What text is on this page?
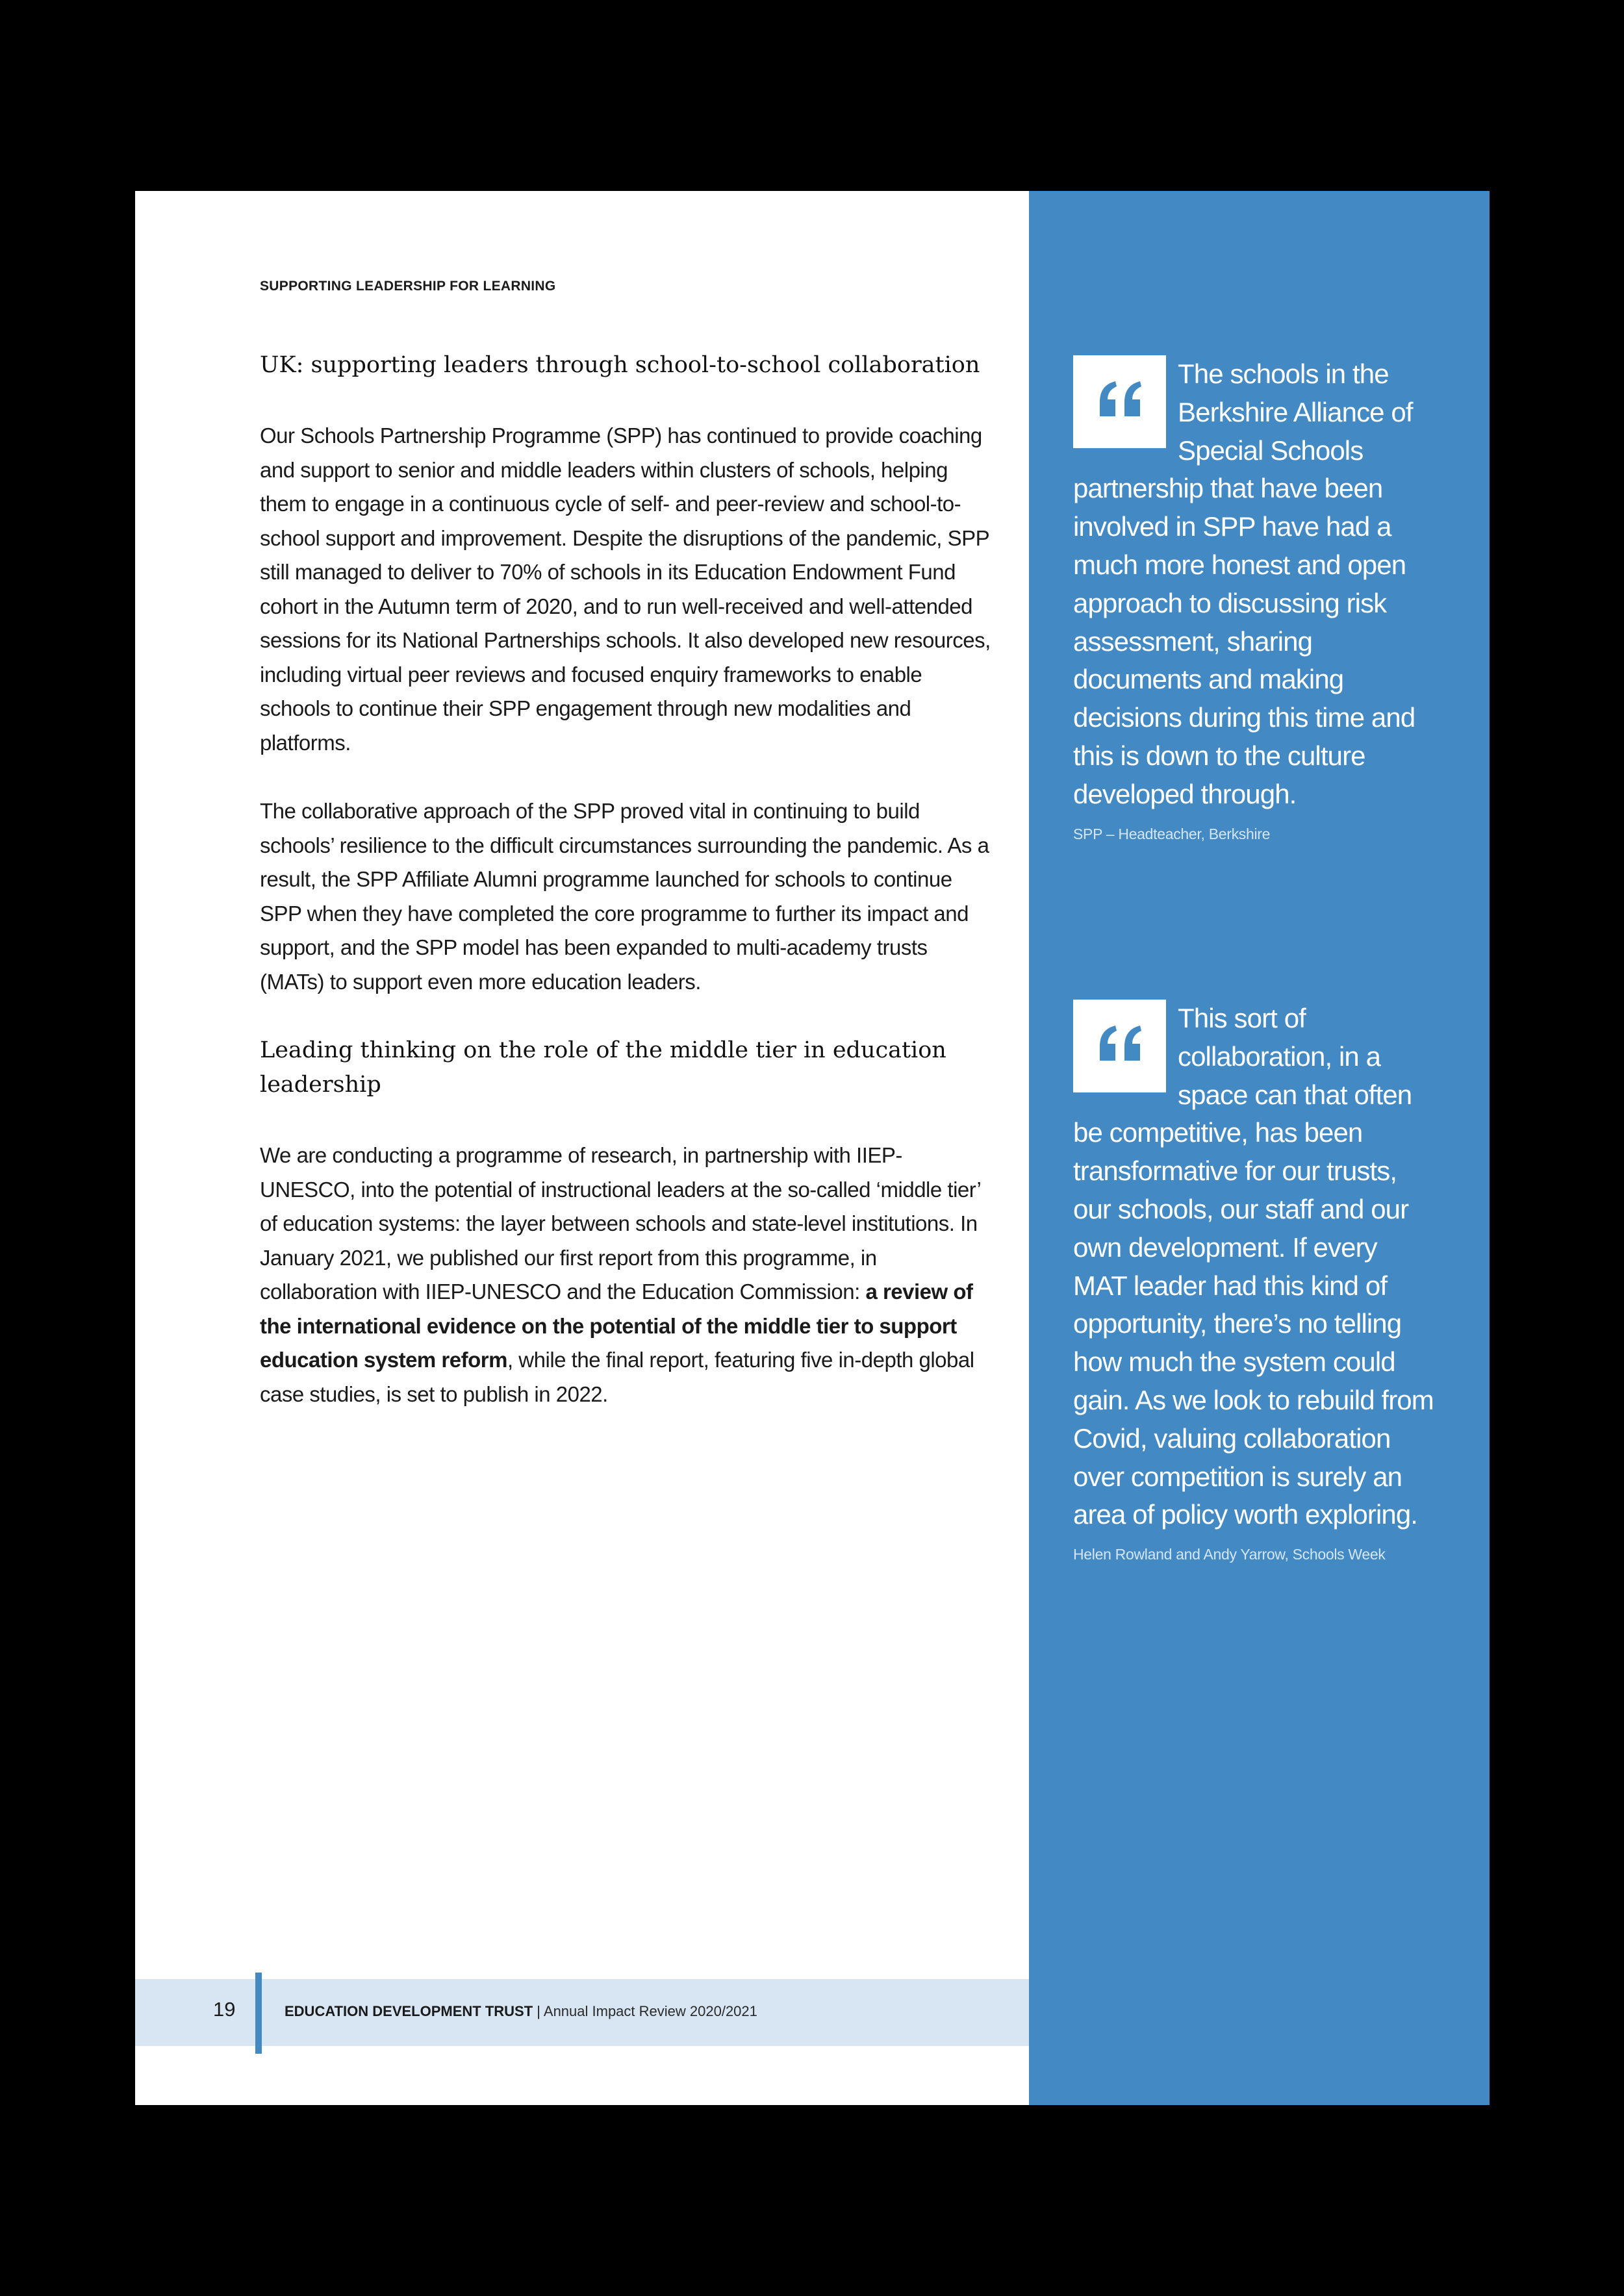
SUPPORTING LEADERSHIP FOR LEARNING
UK: supporting leaders through school-to-school collaboration

Our Schools Partnership Programme (SPP) has continued to provide coaching and support to senior and middle leaders within clusters of schools, helping them to engage in a continuous cycle of self- and peer-review and school-to-school support and improvement. Despite the disruptions of the pandemic, SPP still managed to deliver to 70% of schools in its Education Endowment Fund cohort in the Autumn term of 2020, and to run well-received and well-attended sessions for its National Partnerships schools. It also developed new resources, including virtual peer reviews and focused enquiry frameworks to enable schools to continue their SPP engagement through new modalities and platforms.

The collaborative approach of the SPP proved vital in continuing to build schools’ resilience to the difficult circumstances surrounding the pandemic. As a result, the SPP Affiliate Alumni programme launched for schools to continue SPP when they have completed the core programme to further its impact and support, and the SPP model has been expanded to multi-academy trusts (MATs) to support even more education leaders.

Leading thinking on the role of the middle tier in education leadership

We are conducting a programme of research, in partnership with IIEP-UNESCO, into the potential of instructional leaders at the so-called ‘middle tier’ of education systems: the layer between schools and state-level institutions. In January 2021, we published our first report from this programme, in collaboration with IIEP-UNESCO and the Education Commission: a review of the international evidence on the potential of the middle tier to support education system reform, while the final report, featuring five in-depth global case studies, is set to publish in 2022.

19	EDUCATION DEVELOPMENT TRUST | Annual Impact Review 2020/2021

The schools in the Berkshire Alliance of Special Schools partnership that have been involved in SPP have had a much more honest and open approach to discussing risk assessment, sharing documents and making decisions during this time and this is down to the culture developed through.

SPP – Headteacher, Berkshire

This sort of collaboration, in a space can that often be competitive, has been transformative for our trusts, our schools, our staff and our own development. If every MAT leader had this kind of opportunity, there’s no telling how much the system could gain. As we look to rebuild from Covid, valuing collaboration over competition is surely an area of policy worth exploring.

Helen Rowland and Andy Yarrow, Schools Week
